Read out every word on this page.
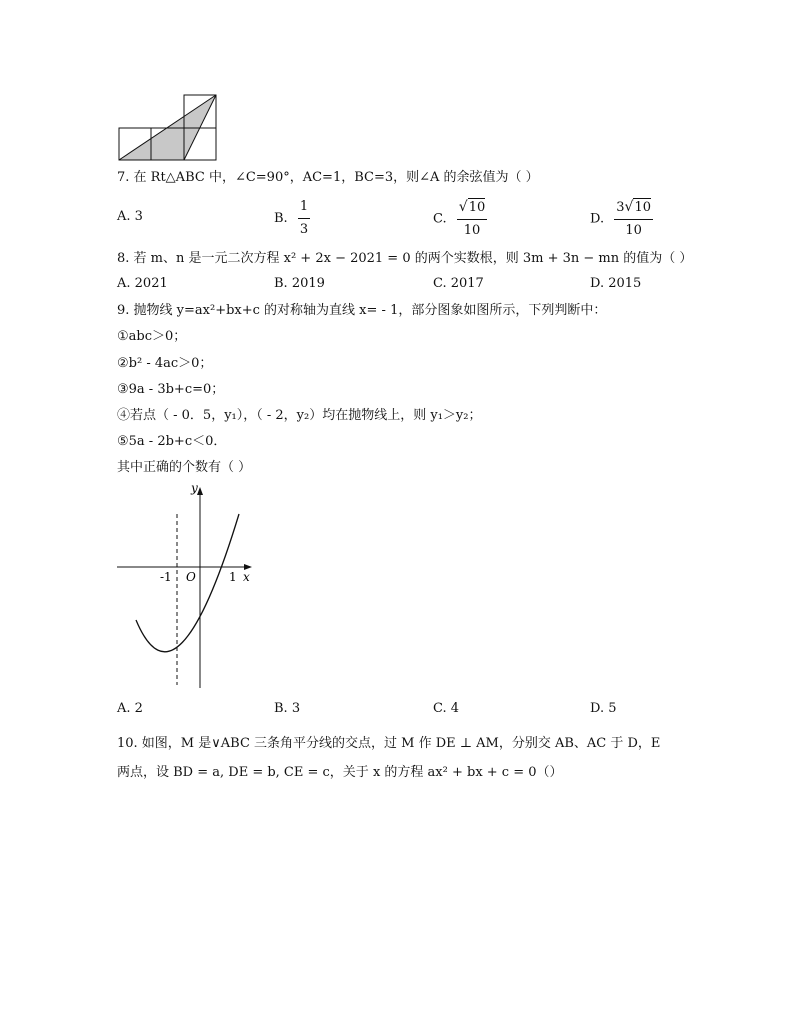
7. 在 Rt△ABC 中，∠C=90°，AC=1，BC=3，则∠A 的余弦值为（ ）
A. 3	B. $\frac{1}{3}$	C. $\frac{√10}{10}$	D. $\frac{3√10}{10}$
8. 若 m、n 是一元二次方程 x² + 2x − 2021 = 0 的两个实数根，则 3m + 3n − mn 的值为（ ）
A. 2021	B. 2019	C. 2017	D. 2015
9. 抛物线 y=ax²+bx+c 的对称轴为直线 x= - 1，部分图象如图所示，下列判断中：
①abc＞0；
②b² - 4ac＞0；
③9a - 3b+c=0；
④若点（ - 0．5，y₁），（ - 2，y₂）均在抛物线上，则 y₁＞y₂；
⑤5a - 2b+c＜0．
其中正确的个数有（ ）
y
x
-1 O	1
A. 2	B. 3	C. 4	D. 5
10. 如图，M 是∨ABC 三条角平分线的交点，过 M 作 DE ⊥ AM，分别交 AB、AC 于 D，E
两点，设 BD = a, DE = b, CE = c，关于 x 的方程 ax² + bx + c = 0（）
